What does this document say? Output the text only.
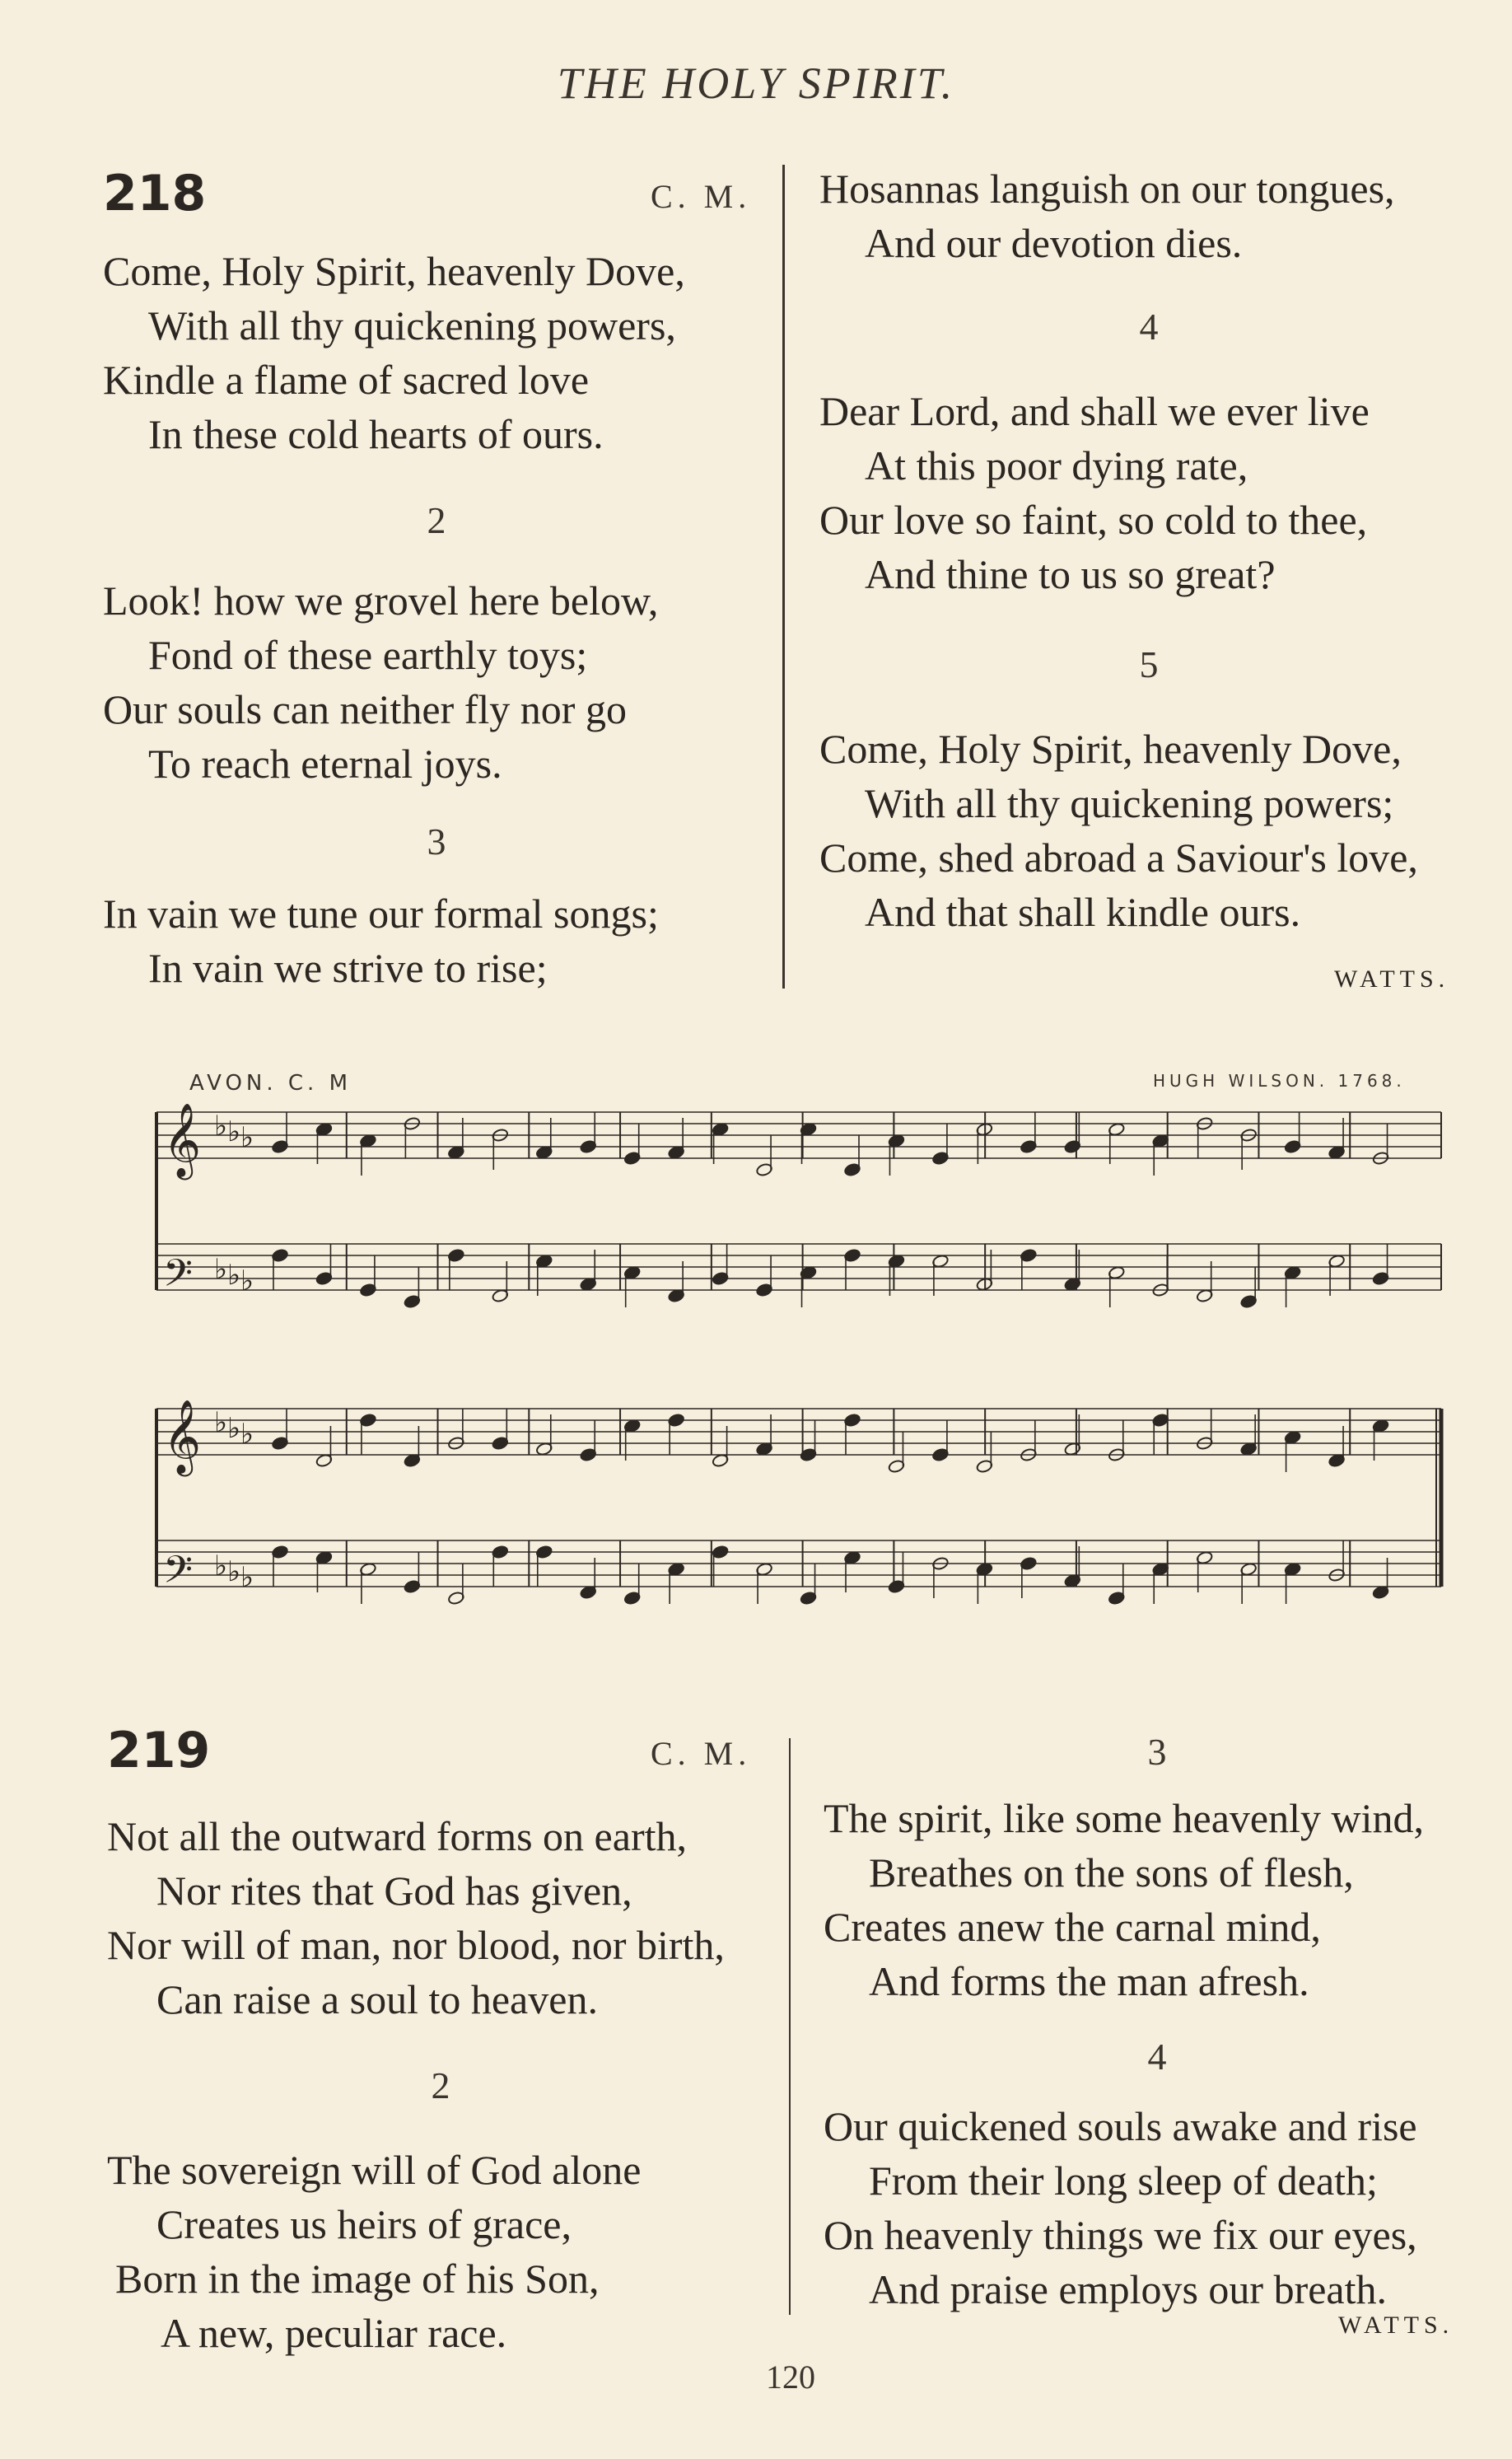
THE HOLY SPIRIT.
218	C. M.
Come, Holy Spirit, heavenly Dove,
With all thy quickening powers,
Kindle a flame of sacred love
In these cold hearts of ours.
2
Look! how we grovel here below,
Fond of these earthly toys;
Our souls can neither fly nor go
To reach eternal joys.
3
In vain we tune our formal songs;
In vain we strive to rise;
Hosannas languish on our tongues,
And our devotion dies.
4
Dear Lord, and shall we ever live
At this poor dying rate,
Our love so faint, so cold to thee,
And thine to us so great?
5
Come, Holy Spirit, heavenly Dove,
With all thy quickening powers;
Come, shed abroad a Saviour's love,
And that shall kindle ours.
WATTS.
AVON. C. M	HUGH WILSON. 1768.
𝄞 ♭ ♭ ♭
𝄢 ♭ ♭ ♭
𝄞 ♭ ♭ ♭
𝄢 ♭ ♭ ♭
219	C. M.
Not all the outward forms on earth,
Nor rites that God has given,
Nor will of man, nor blood, nor birth,
Can raise a soul to heaven.
2
The sovereign will of God alone
Creates us heirs of grace,
Born in the image of his Son,
A new, peculiar race.
3
The spirit, like some heavenly wind,
Breathes on the sons of flesh,
Creates anew the carnal mind,
And forms the man afresh.
4
Our quickened souls awake and rise
From their long sleep of death;
On heavenly things we fix our eyes,
And praise employs our breath.
WATTS.
120
